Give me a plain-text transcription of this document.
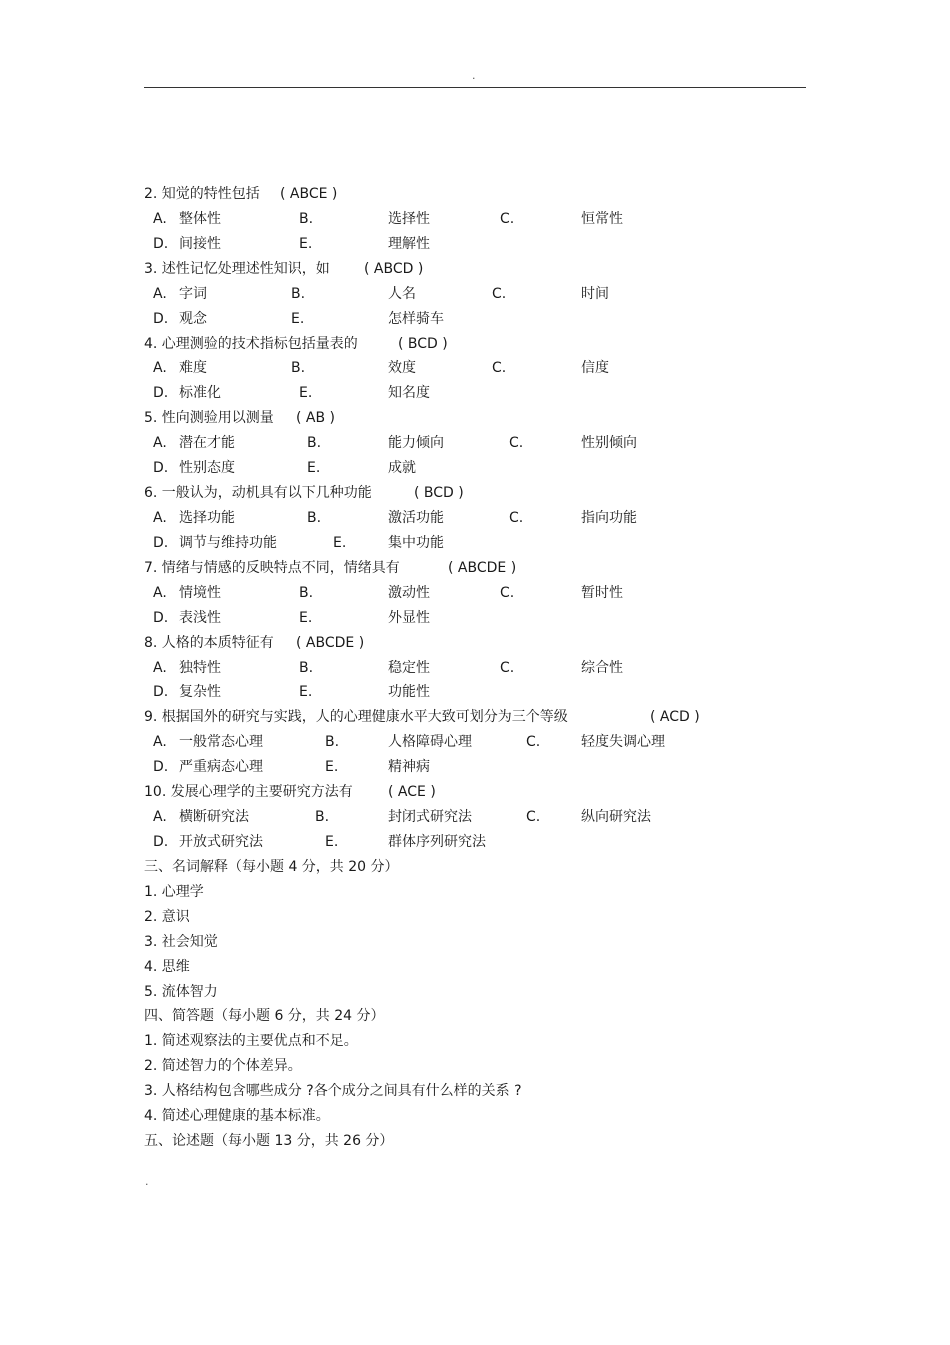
.
2. 知觉的特性包括 ( ABCE )
A. 整体性	B.	选择性	C.	恒常性
D. 间接性	E.	理解性
3. 述性记忆处理述性知识，如 ( ABCD )
A. 字词	B.	人名	C.	时间
D. 观念	E.	怎样骑车
4. 心理测验的技术指标包括量表的	( BCD )
A. 难度	B.	效度	C.	信度
D. 标准化	E.	知名度
5. 性向测验用以测量 ( AB )
A. 潜在才能	B.	能力倾向	C.	性别倾向
D. 性别态度	E.	成就
6. 一般认为，动机具有以下几种功能	( BCD )
A. 选择功能	B.	激活功能	C.	指向功能
D. 调节与维持功能	E.	集中功能
7. 情绪与情感的反映特点不同，情绪具有	( ABCDE )
A. 情境性	B.	激动性	C.	暂时性
D. 表浅性	E.	外显性
8. 人格的本质特征有 ( ABCDE )
A. 独特性	B.	稳定性	C.	综合性
D. 复杂性	E.	功能性
9. 根据国外的研究与实践，人的心理健康水平大致可划分为三个等级	( ACD )
A. 一般常态心理	B.	人格障碍心理	C.	轻度失调心理
D. 严重病态心理	E.	精神病
10. 发展心理学的主要研究方法有	( ACE )
A. 横断研究法	B.	封闭式研究法	C.	纵向研究法
D. 开放式研究法	E.	群体序列研究法
三、名词解释（每小题 4 分，共 20 分）
1. 心理学
2. 意识
3. 社会知觉
4. 思维
5. 流体智力
四、简答题（每小题 6 分，共 24 分）
1. 简述观察法的主要优点和不足。
2. 简述智力的个体差异。
3. 人格结构包含哪些成分 ?各个成分之间具有什么样的关系 ?
4. 简述心理健康的基本标准。
五、论述题（每小题 13 分，共 26 分）
.
